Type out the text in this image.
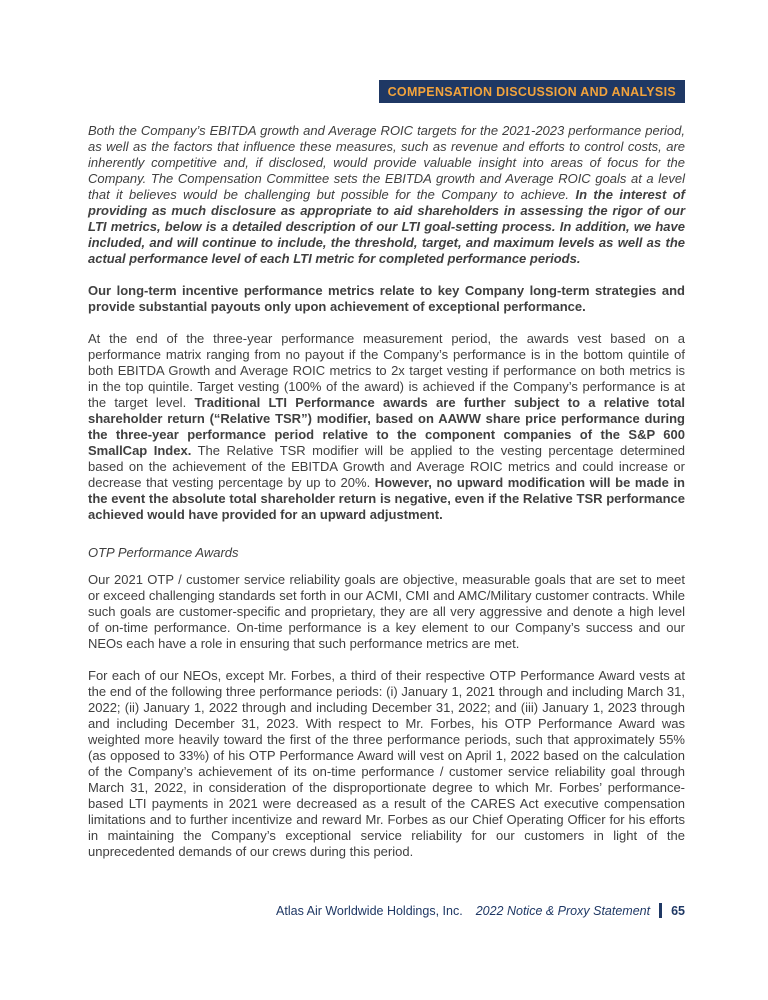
COMPENSATION DISCUSSION AND ANALYSIS

Both the Company’s EBITDA growth and Average ROIC targets for the 2021-2023 performance period, as well as the factors that influence these measures, such as revenue and efforts to control costs, are inherently competitive and, if disclosed, would provide valuable insight into areas of focus for the Company. The Compensation Committee sets the EBITDA growth and Average ROIC goals at a level that it believes would be challenging but possible for the Company to achieve. In the interest of providing as much disclosure as appropriate to aid shareholders in assessing the rigor of our LTI metrics, below is a detailed description of our LTI goal-setting process. In addition, we have included, and will continue to include, the threshold, target, and maximum levels as well as the actual performance level of each LTI metric for completed performance periods.

Our long-term incentive performance metrics relate to key Company long-term strategies and provide substantial payouts only upon achievement of exceptional performance.

At the end of the three-year performance measurement period, the awards vest based on a performance matrix ranging from no payout if the Company’s performance is in the bottom quintile of both EBITDA Growth and Average ROIC metrics to 2x target vesting if performance on both metrics is in the top quintile. Target vesting (100% of the award) is achieved if the Company’s performance is at the target level. Traditional LTI Performance awards are further subject to a relative total shareholder return (“Relative TSR”) modifier, based on AAWW share price performance during the three-year performance period relative to the component companies of the S&P 600 SmallCap Index. The Relative TSR modifier will be applied to the vesting percentage determined based on the achievement of the EBITDA Growth and Average ROIC metrics and could increase or decrease that vesting percentage by up to 20%. However, no upward modification will be made in the event the absolute total shareholder return is negative, even if the Relative TSR performance achieved would have provided for an upward adjustment.

OTP Performance Awards

Our 2021 OTP / customer service reliability goals are objective, measurable goals that are set to meet or exceed challenging standards set forth in our ACMI, CMI and AMC/Military customer contracts. While such goals are customer-specific and proprietary, they are all very aggressive and denote a high level of on-time performance. On-time performance is a key element to our Company’s success and our NEOs each have a role in ensuring that such performance metrics are met.

For each of our NEOs, except Mr. Forbes, a third of their respective OTP Performance Award vests at the end of the following three performance periods: (i) January 1, 2021 through and including March 31, 2022; (ii) January 1, 2022 through and including December 31, 2022; and (iii) January 1, 2023 through and including December 31, 2023. With respect to Mr. Forbes, his OTP Performance Award was weighted more heavily toward the first of the three performance periods, such that approximately 55% (as opposed to 33%) of his OTP Performance Award will vest on April 1, 2022 based on the calculation of the Company’s achievement of its on-time performance / customer service reliability goal through March 31, 2022, in consideration of the disproportionate degree to which Mr. Forbes’ performance-based LTI payments in 2021 were decreased as a result of the CARES Act executive compensation limitations and to further incentivize and reward Mr. Forbes as our Chief Operating Officer for his efforts in maintaining the Company’s exceptional service reliability for our customers in light of the unprecedented demands of our crews during this period.

Atlas Air Worldwide Holdings, Inc. 2022 Notice & Proxy Statement 65
